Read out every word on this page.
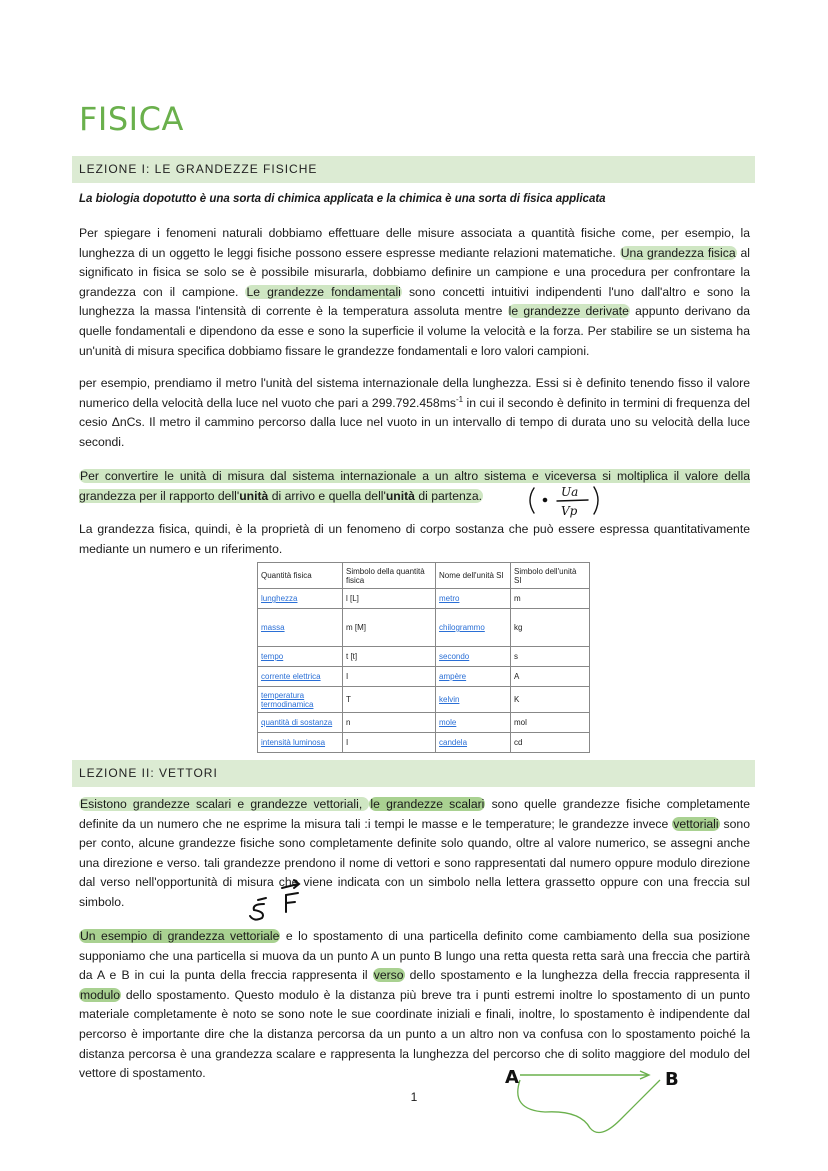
FISICA
LEZIONE I: LE GRANDEZZE FISICHE
La biologia dopotutto è una sorta di chimica applicata e la chimica è una sorta di fisica applicata

Per spiegare i fenomeni naturali dobbiamo effettuare delle misure associata a quantità fisiche come, per esempio, la lunghezza di un oggetto le leggi fisiche possono essere espresse mediante relazioni matematiche. Una grandezza fisica al significato in fisica se solo se è possibile misurarla, dobbiamo definire un campione e una procedura per confrontare la grandezza con il campione. Le grandezze fondamentali sono concetti intuitivi indipendenti l'uno dall'altro e sono la lunghezza la massa l'intensità di corrente è la temperatura assoluta mentre le grandezze derivate appunto derivano da quelle fondamentali e dipendono da esse e sono la superficie il volume la velocità e la forza. Per stabilire se un sistema ha un'unità di misura specifica dobbiamo fissare le grandezze fondamentali e loro valori campioni.

per esempio, prendiamo il metro l'unità del sistema internazionale della lunghezza. Essi si è definito tenendo fisso il valore numerico della velocità della luce nel vuoto che pari a $299.792.458ms^{-1}$ in cui il secondo è definito in termini di frequenza del cesio ΔnCs. Il metro il cammino percorso dalla luce nel vuoto in un intervallo di tempo di durata uno su velocità della luce secondi.

Per convertire le unità di misura dal sistema internazionale a un altro sistema e viceversa si moltiplica il valore della grandezza per il rapporto dell'unità di arrivo e quella dell'unità di partenza.

La grandezza fisica, quindi, è la proprietà di un fenomeno di corpo sostanza che può essere espressa quantitativamente mediante un numero e un riferimento.

Quantità fisica	Simbolo della quantità fisica	Nome dell'unità SI	Simbolo dell'unità SI
lunghezza	l [L]	metro	m
massa	m [M]	chilogrammo	kg
tempo	t [t]	secondo	s
corrente elettrica	I	ampère	A
temperatura termodinamica	T	kelvin	K
quantità di sostanza	n	mole	mol
intensità luminosa	I	candela	cd
LEZIONE II: VETTORI

Esistono grandezze scalari e grandezze vettoriali, le grandezze scalari sono quelle grandezze fisiche completamente definite da un numero che ne esprime la misura tali :i tempi le masse e le temperature; le grandezze invece vettoriali sono per conto, alcune grandezze fisiche sono completamente definite solo quando, oltre al valore numerico, se assegni anche una direzione e verso. tali grandezze prendono il nome di vettori e sono rappresentati dal numero oppure modulo direzione dal verso nell'opportunità di misura che viene indicata con un simbolo nella lettera grassetto oppure con una freccia sul simbolo.

Un esempio di grandezza vettoriale e lo spostamento di una particella definito come cambiamento della sua posizione supponiamo che una particella si muova da un punto A un punto B lungo una retta questa retta sarà una freccia che partirà da A e B in cui la punta della freccia rappresenta il verso dello spostamento e la lunghezza della freccia rappresenta il modulo dello spostamento. Questo modulo è la distanza più breve tra i punti estremi inoltre lo spostamento di un punto materiale completamente è noto se sono note le sue coordinate iniziali e finali, inoltre, lo spostamento è indipendente dal percorso è importante dire che la distanza percorsa da un punto a un altro non va confusa con lo spostamento poiché la distanza percorsa è una grandezza scalare e rappresenta la lunghezza del percorso che di solito maggiore del modulo del vettore di spostamento.

1
Ua
Vp
A	B
